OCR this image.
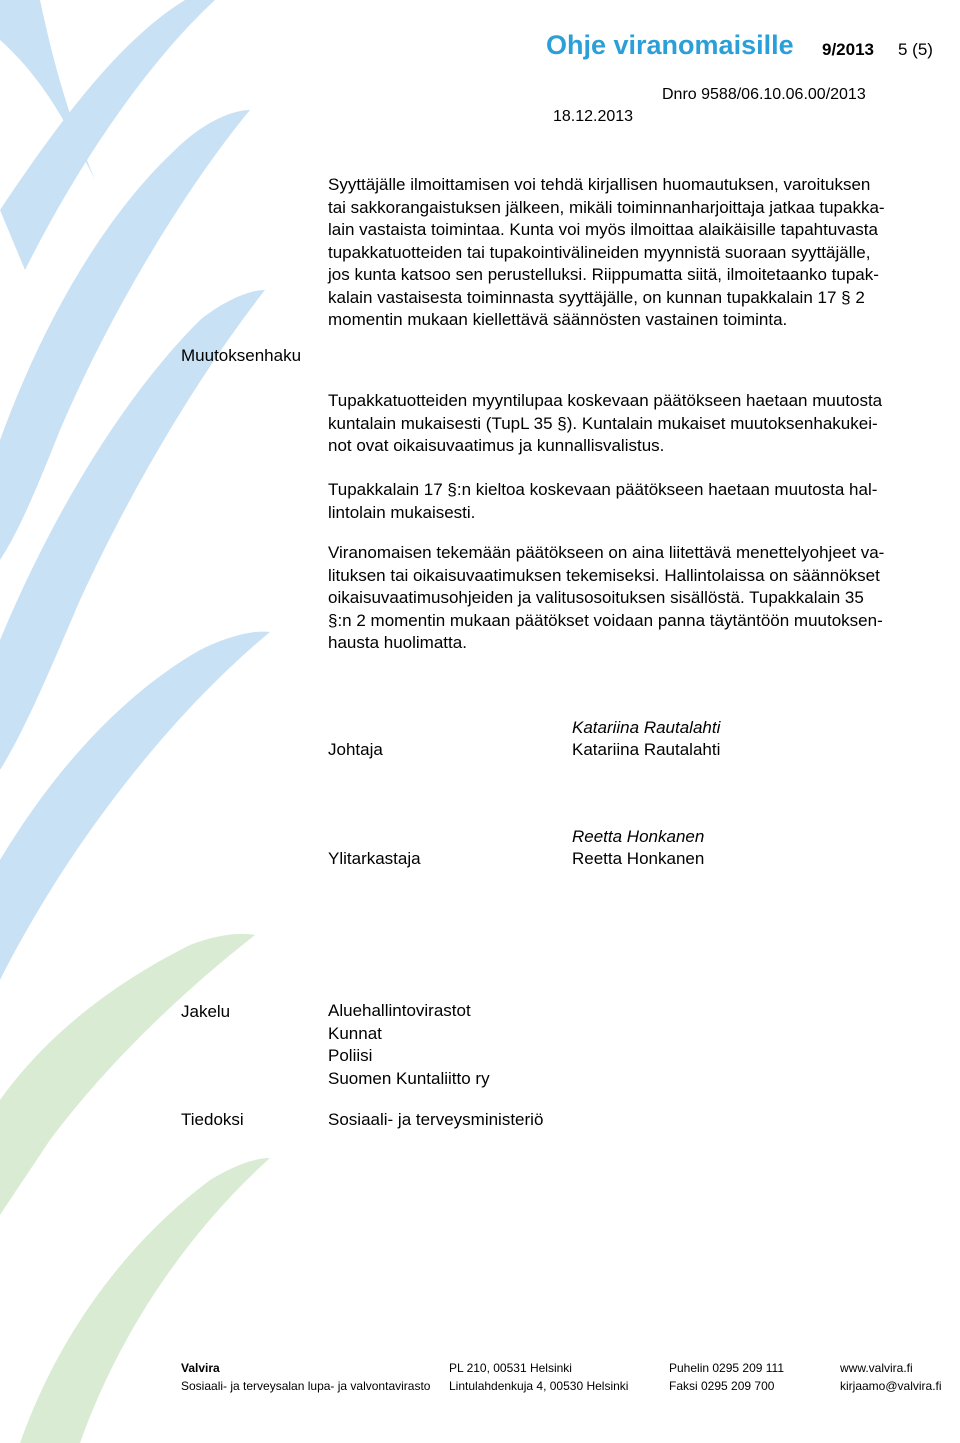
Ohje viranomaisille 9/2013 5 (5)
Dnro 9588/06.10.06.00/2013
18.12.2013
Syyttäjälle ilmoittamisen voi tehdä kirjallisen huomautuksen, varoituksen
tai sakkorangaistuksen jälkeen, mikäli toiminnanharjoittaja jatkaa tupakka-
lain vastaista toimintaa. Kunta voi myös ilmoittaa alaikäisille tapahtuvasta
tupakkatuotteiden tai tupakointivälineiden myynnistä suoraan syyttäjälle,
jos kunta katsoo sen perustelluksi. Riippumatta siitä, ilmoitetaanko tupak-
kalain vastaisesta toiminnasta syyttäjälle, on kunnan tupakkalain 17 § 2
momentin mukaan kiellettävä säännösten vastainen toiminta.
Muutoksenhaku
Tupakkatuotteiden myyntilupaa koskevaan päätökseen haetaan muutosta
kuntalain mukaisesti (TupL 35 §). Kuntalain mukaiset muutoksenhakukei-
not ovat oikaisuvaatimus ja kunnallisvalistus.
Tupakkalain 17 §:n kieltoa koskevaan päätökseen haetaan muutosta hal-
lintolain mukaisesti.
Viranomaisen tekemään päätökseen on aina liitettävä menettelyohjeet va-
lituksen tai oikaisuvaatimuksen tekemiseksi. Hallintolaissa on säännökset
oikaisuvaatimusohjeiden ja valitusosoituksen sisällöstä. Tupakkalain 35
§:n 2 momentin mukaan päätökset voidaan panna täytäntöön muutoksen-
hausta huolimatta.
Katariina Rautalahti
Johtaja	Katariina Rautalahti
Reetta Honkanen
Ylitarkastaja	Reetta Honkanen
Jakelu	Aluehallintovirastot
Kunnat
Poliisi
Suomen Kuntaliitto ry
Tiedoksi	Sosiaali- ja terveysministeriö
Valvira
Sosiaali- ja terveysalan lupa- ja valvontavirasto
PL 210, 00531 Helsinki
Lintulahdenkuja 4, 00530 Helsinki
Puhelin 0295 209 111
Faksi 0295 209 700
www.valvira.fi
kirjaamo@valvira.fi
